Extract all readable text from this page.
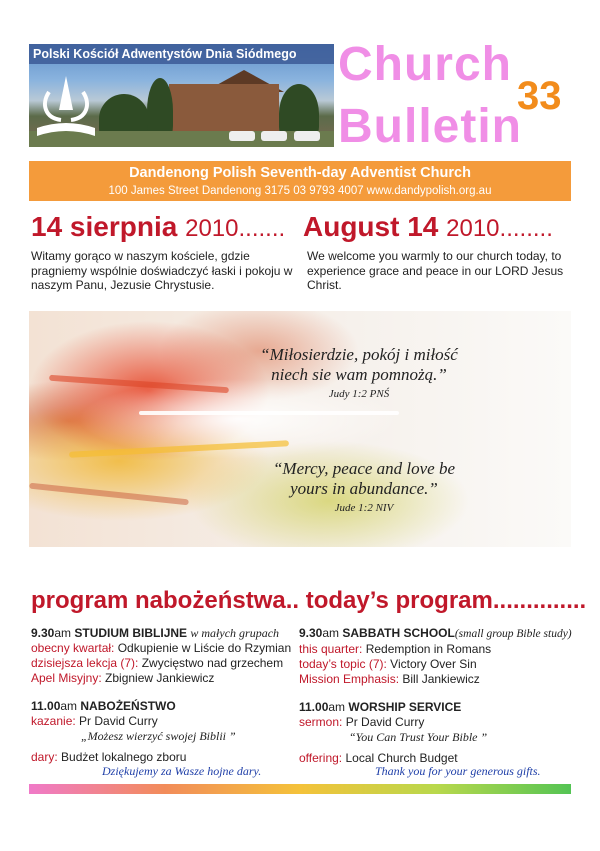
Polski Kościół Adwentystów Dnia Siódmego Church
Bulletin
33
Dandenong Polish Seventh-day Adventist Church
100 James Street Dandenong 3175 03 9793 4007 www.dandypolish.org.au
14 sierpnia 2010....... August 14 2010........

Witamy gorąco w naszym kościele, gdzie pragniemy wspólnie doświadczyć łaski i pokoju w naszym Panu, Jezusie Chrystusie.

We welcome you warmly to our church today, to experience grace and peace in our LORD Jesus Christ.

“Miłosierdzie, pokój i miłość
niech sie wam pomnożą.”
Judy 1:2 PNŚ
“Mercy, peace and love be
yours in abundance.”
Jude 1:2 NIV
program nabożeństwa.. today’s program..............
9.30am STUDIUM BIBLIJNE w małych grupach
obecny kwartał: Odkupienie w Liście do Rzymian
dzisiejsza lekcja (7): Zwycięstwo nad grzechem
Apel Misyjny: Zbigniew Jankiewicz
11.00am NABOŻEŃSTWO
kazanie: Pr David Curry
„Możesz wierzyć swojej Biblii ”
dary: Budżet lokalnego zboru
9.30am SABBATH SCHOOL(small group Bible study)
this quarter: Redemption in Romans
today’s topic (7): Victory Over Sin
Mission Emphasis: Bill Jankiewicz
11.00am WORSHIP SERVICE
sermon: Pr David Curry
“You Can Trust Your Bible ”
offering: Local Church Budget
Dziękujemy za Wasze hojne dary.	Thank you for your generous gifts.
